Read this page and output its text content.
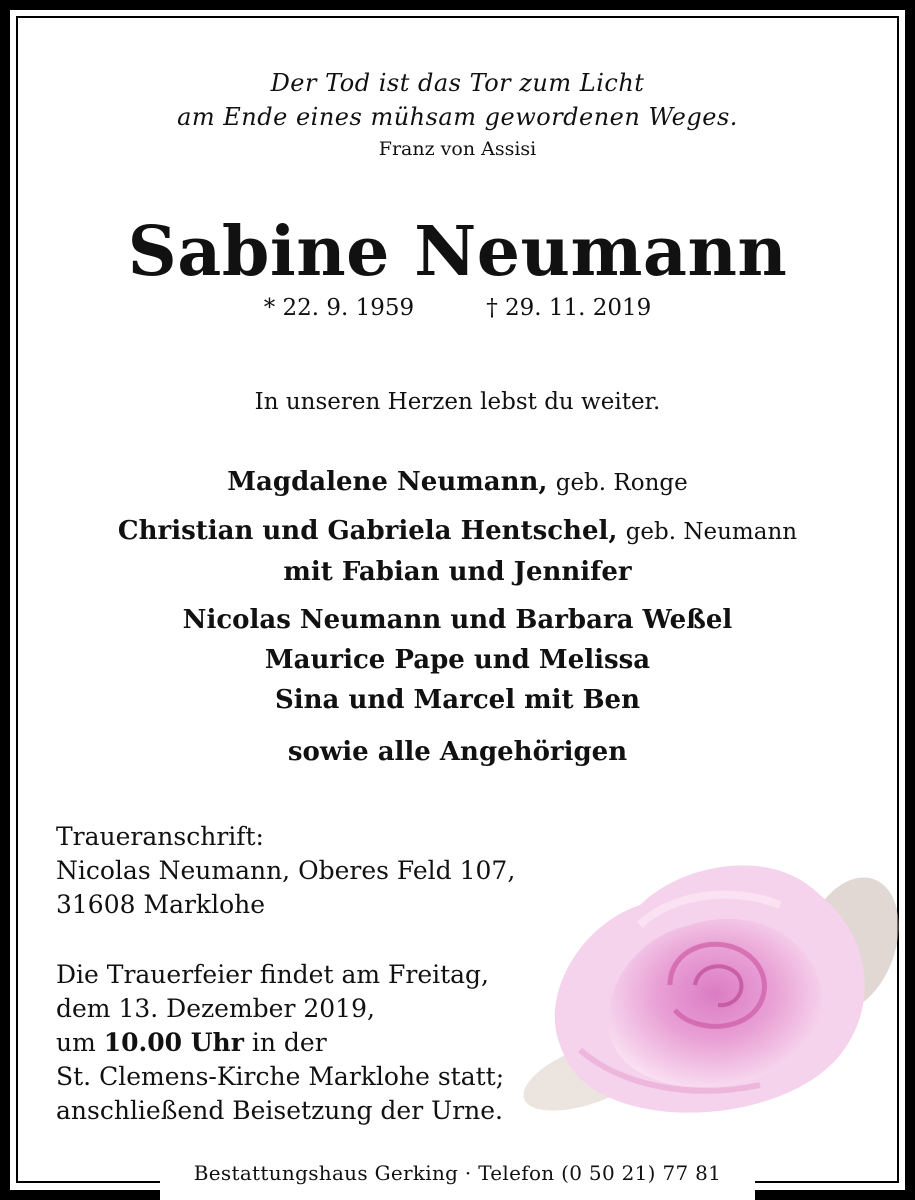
Der Tod ist das Tor zum Licht
am Ende eines mühsam gewordenen Weges.
Franz von Assisi
Sabine Neumann
* 22. 9. 1959	† 29. 11. 2019
In unseren Herzen lebst du weiter.
Magdalene Neumann, geb. Ronge
Christian und Gabriela Hentschel, geb. Neumann
mit Fabian und Jennifer
Nicolas Neumann und Barbara Weßel
Maurice Pape und Melissa
Sina und Marcel mit Ben
sowie alle Angehörigen
Traueranschrift:
Nicolas Neumann, Oberes Feld 107,
31608 Marklohe
Die Trauerfeier findet am Freitag,
dem 13. Dezember 2019,
um 10.00 Uhr in der
St. Clemens-Kirche Marklohe statt;
anschließend Beisetzung der Urne.
Bestattungshaus Gerking · Telefon (0 50 21) 77 81
